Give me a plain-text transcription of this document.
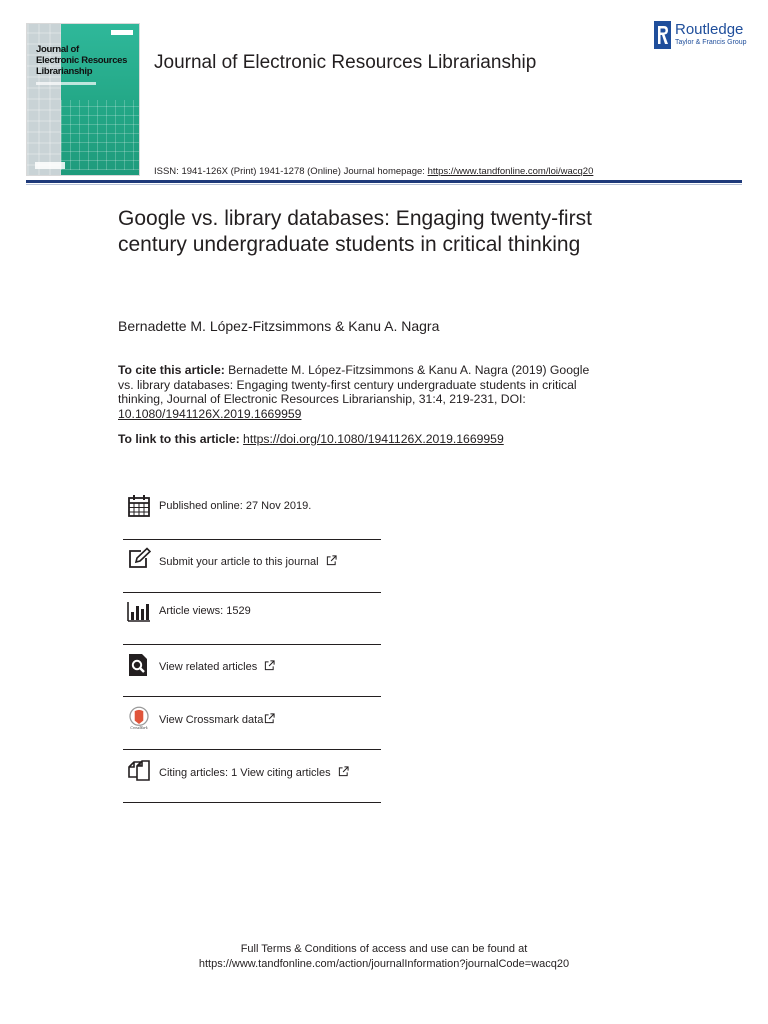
Journal of
Electronic Resources
Librarianship	Journal of Electronic Resources Librarianship
Routledge
Taylor & Francis Group
ISSN: 1941-126X (Print) 1941-1278 (Online) Journal homepage: https://www.tandfonline.com/loi/wacq20
Google vs. library databases: Engaging twenty-first century undergraduate students in critical thinking
Bernadette M. López-Fitzsimmons & Kanu A. Nagra
To cite this article: Bernadette M. López-Fitzsimmons & Kanu A. Nagra (2019) Google vs. library databases: Engaging twenty-first century undergraduate students in critical thinking, Journal of Electronic Resources Librarianship, 31:4, 219-231, DOI: 10.1080/1941126X.2019.1669959
To link to this article: https://doi.org/10.1080/1941126X.2019.1669959
Published online: 27 Nov 2019.
Submit your article to this journal
Article views: 1529
View related articles
CrossMark
View Crossmark data
Citing articles: 1 View citing articles
Full Terms & Conditions of access and use can be found at
https://www.tandfonline.com/action/journalInformation?journalCode=wacq20
